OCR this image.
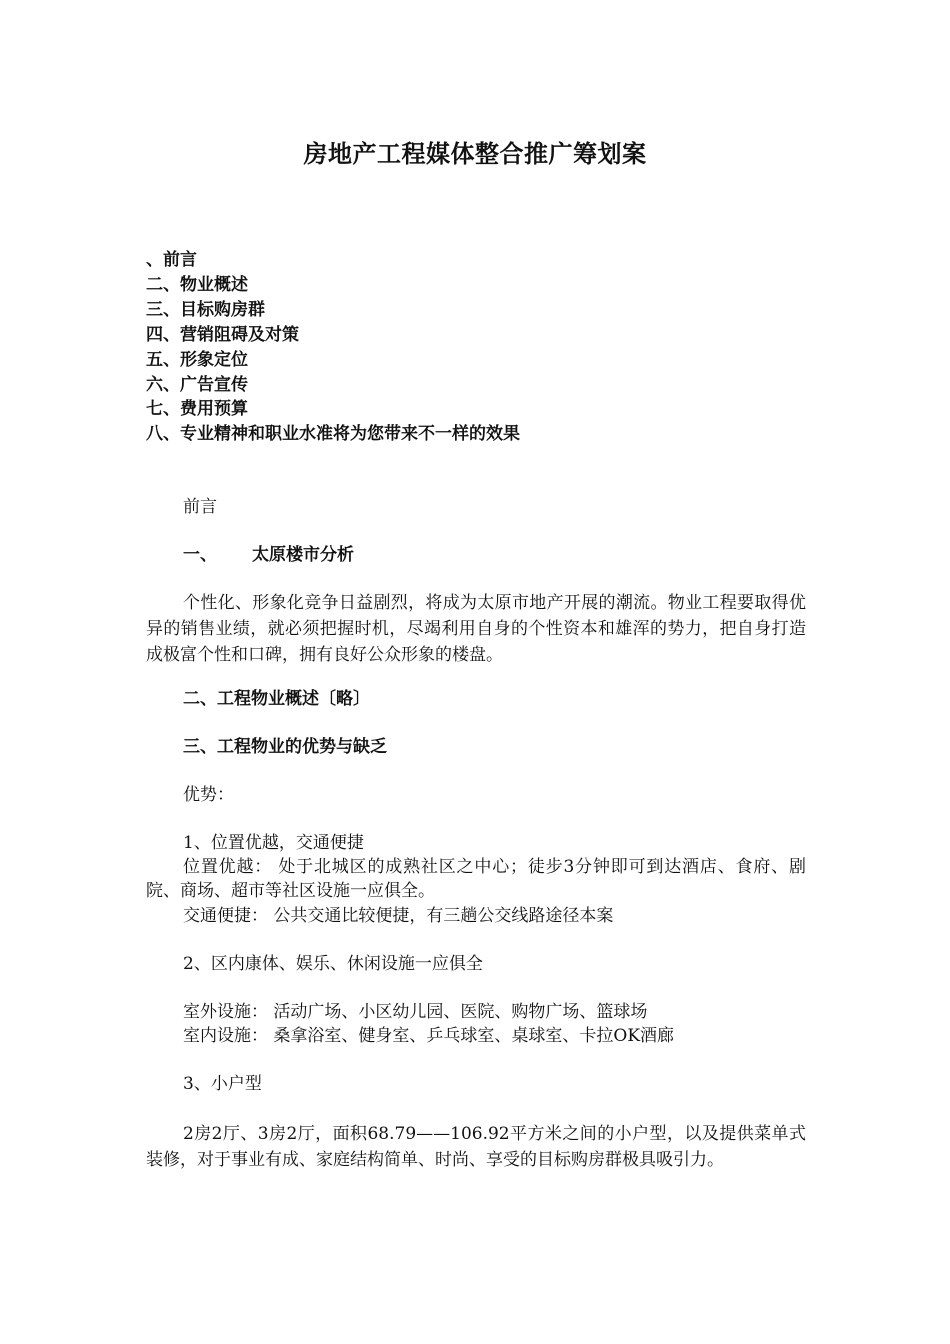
房地产工程媒体整合推广筹划案
、前言
二、物业概述
三、目标购房群
四、营销阻碍及对策
五、形象定位
六、广告宣传
七、费用预算
八、专业精神和职业水准将为您带来不一样的效果
前言
一、 太原楼市分析
个性化、形象化竞争日益剧烈，将成为太原市地产开展的潮流。物业工程要取得优异的销售业绩，就必须把握时机，尽竭利用自身的个性资本和雄浑的势力，把自身打造成极富个性和口碑，拥有良好公众形象的楼盘。
二、工程物业概述〔略〕
三、工程物业的优势与缺乏
优势：
1、位置优越，交通便捷
位置优越： 处于北城区的成熟社区之中心；徒步3分钟即可到达酒店、食府、剧院、商场、超市等社区设施一应俱全。
交通便捷： 公共交通比较便捷，有三趟公交线路途径本案
2、区内康体、娱乐、休闲设施一应俱全
室外设施： 活动广场、小区幼儿园、医院、购物广场、篮球场
室内设施： 桑拿浴室、健身室、乒乓球室、桌球室、卡拉OK酒廊
3、小户型
2房2厅、3房2厅，面积68.79——106.92平方米之间的小户型，以及提供菜单式装修，对于事业有成、家庭结构简单、时尚、享受的目标购房群极具吸引力。
